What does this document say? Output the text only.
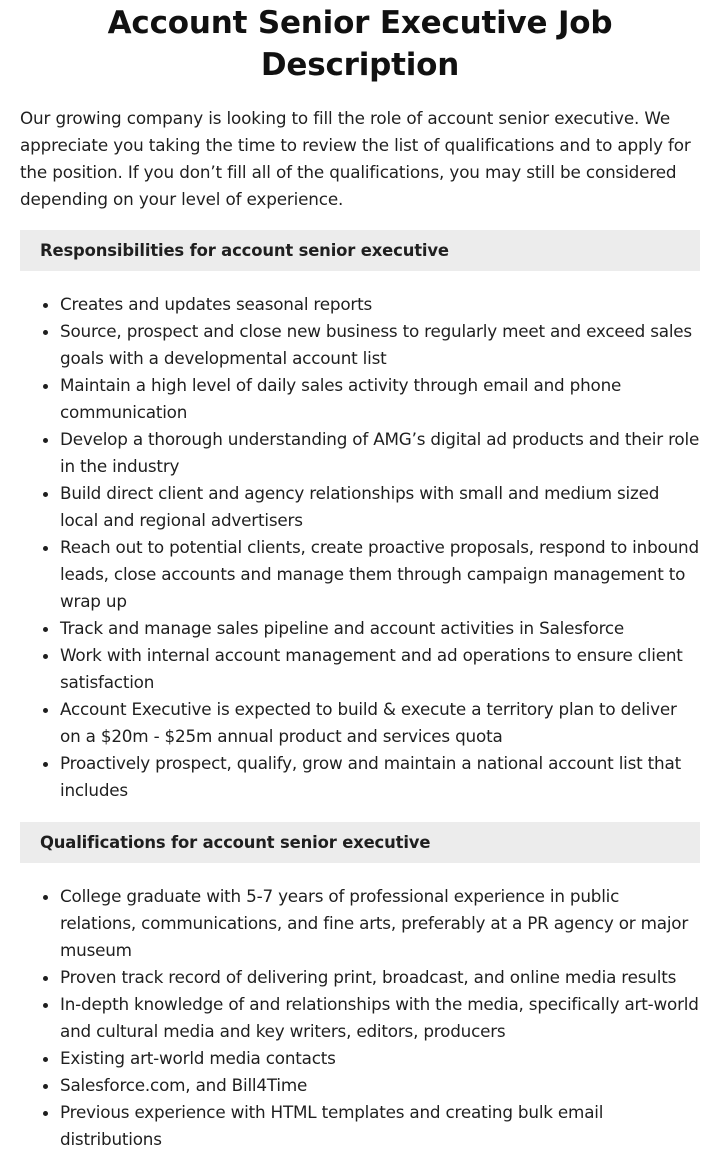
Account Senior Executive Job Description

Our growing company is looking to fill the role of account senior executive. We appreciate you taking the time to review the list of qualifications and to apply for the position. If you don’t fill all of the qualifications, you may still be considered depending on your level of experience.

Responsibilities for account senior executive
• Creates and updates seasonal reports
• Source, prospect and close new business to regularly meet and exceed sales goals with a developmental account list
• Maintain a high level of daily sales activity through email and phone communication
• Develop a thorough understanding of AMG’s digital ad products and their role in the industry
• Build direct client and agency relationships with small and medium sized local and regional advertisers
• Reach out to potential clients, create proactive proposals, respond to inbound leads, close accounts and manage them through campaign management to wrap up
• Track and manage sales pipeline and account activities in Salesforce
• Work with internal account management and ad operations to ensure client satisfaction
• Account Executive is expected to build & execute a territory plan to deliver on a $20m - $25m annual product and services quota
• Proactively prospect, qualify, grow and maintain a national account list that includes
Qualifications for account senior executive
• College graduate with 5-7 years of professional experience in public relations, communications, and fine arts, preferably at a PR agency or major museum
• Proven track record of delivering print, broadcast, and online media results
• In-depth knowledge of and relationships with the media, specifically art-world and cultural media and key writers, editors, producers
• Existing art-world media contacts
• Salesforce.com, and Bill4Time
• Previous experience with HTML templates and creating bulk email distributions
